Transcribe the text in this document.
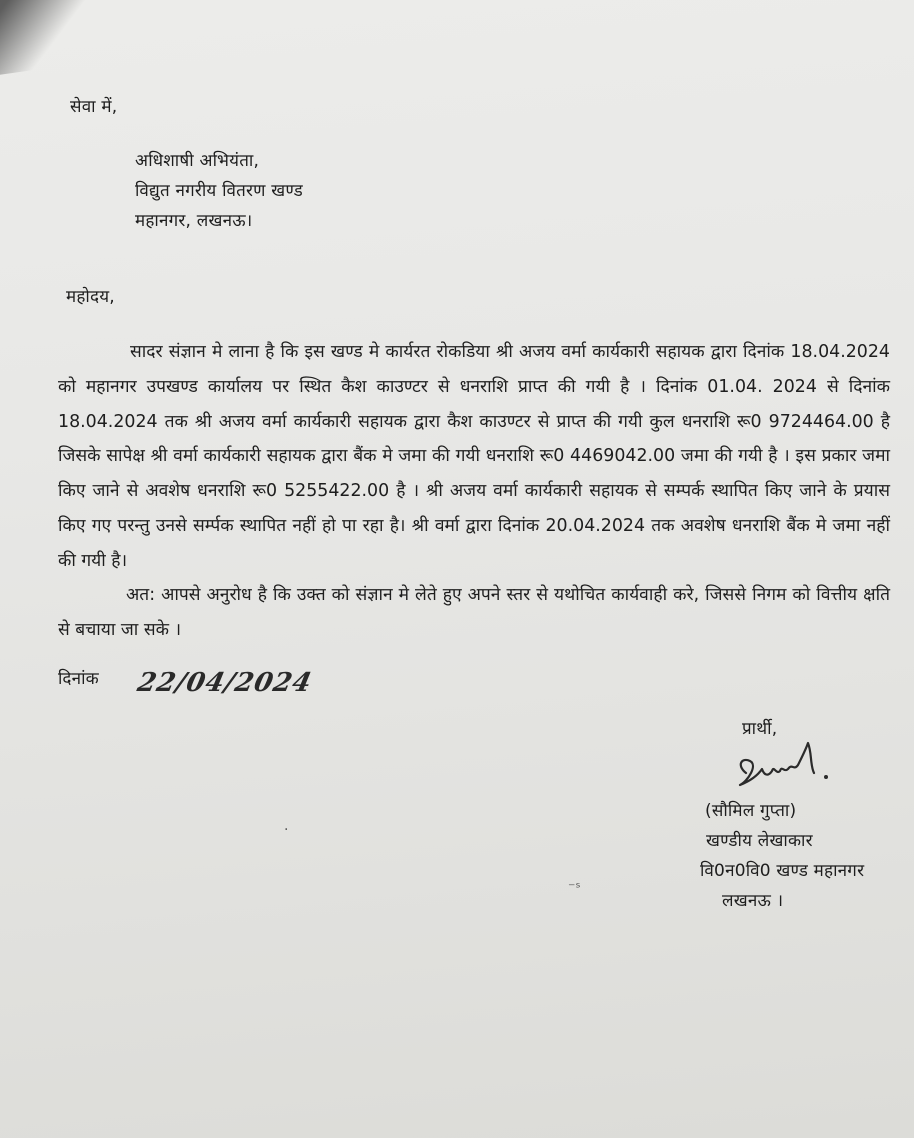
सेवा में,
अधिशाषी अभियंता,
विद्युत नगरीय वितरण खण्ड
महानगर, लखनऊ।
महोदय,
सादर संज्ञान मे लाना है कि इस खण्ड मे कार्यरत रोकडिया श्री अजय वर्मा कार्यकारी सहायक द्वारा दिनांक 18.04.2024 को महानगर उपखण्ड कार्यालय पर स्थित कैश काउण्टर से धनराशि प्राप्त की गयी है । दिनांक 01.04. 2024 से दिनांक 18.04.2024 तक श्री अजय वर्मा कार्यकारी सहायक द्वारा कैश काउण्टर से प्राप्त की गयी कुल धनराशि रू0 9724464.00 है जिसके सापेक्ष श्री वर्मा कार्यकारी सहायक द्वारा बैंक मे जमा की गयी धनराशि रू0 4469042.00 जमा की गयी है । इस प्रकार जमा किए जाने से अवशेष धनराशि रू0 5255422.00 है । श्री अजय वर्मा कार्यकारी सहायक से सम्पर्क स्थापित किए जाने के प्रयास किए गए परन्तु उनसे सर्म्पक स्थापित नहीं हो पा रहा है। श्री वर्मा द्वारा दिनांक 20.04.2024 तक अवशेष धनराशि बैंक मे जमा नहीं की गयी है।
अत: आपसे अनुरोध है कि उक्त को संज्ञान मे लेते हुए अपने स्तर से यथोचित कार्यवाही करे, जिससे निगम को वित्तीय क्षति से बचाया जा सके ।
दिनांक 22/04/2024
प्रार्थी,
(सौमिल गुप्ता)
खण्डीय लेखाकार
वि0न0वि0 खण्ड महानगर
लखनऊ ।
·
⁻ˢ
